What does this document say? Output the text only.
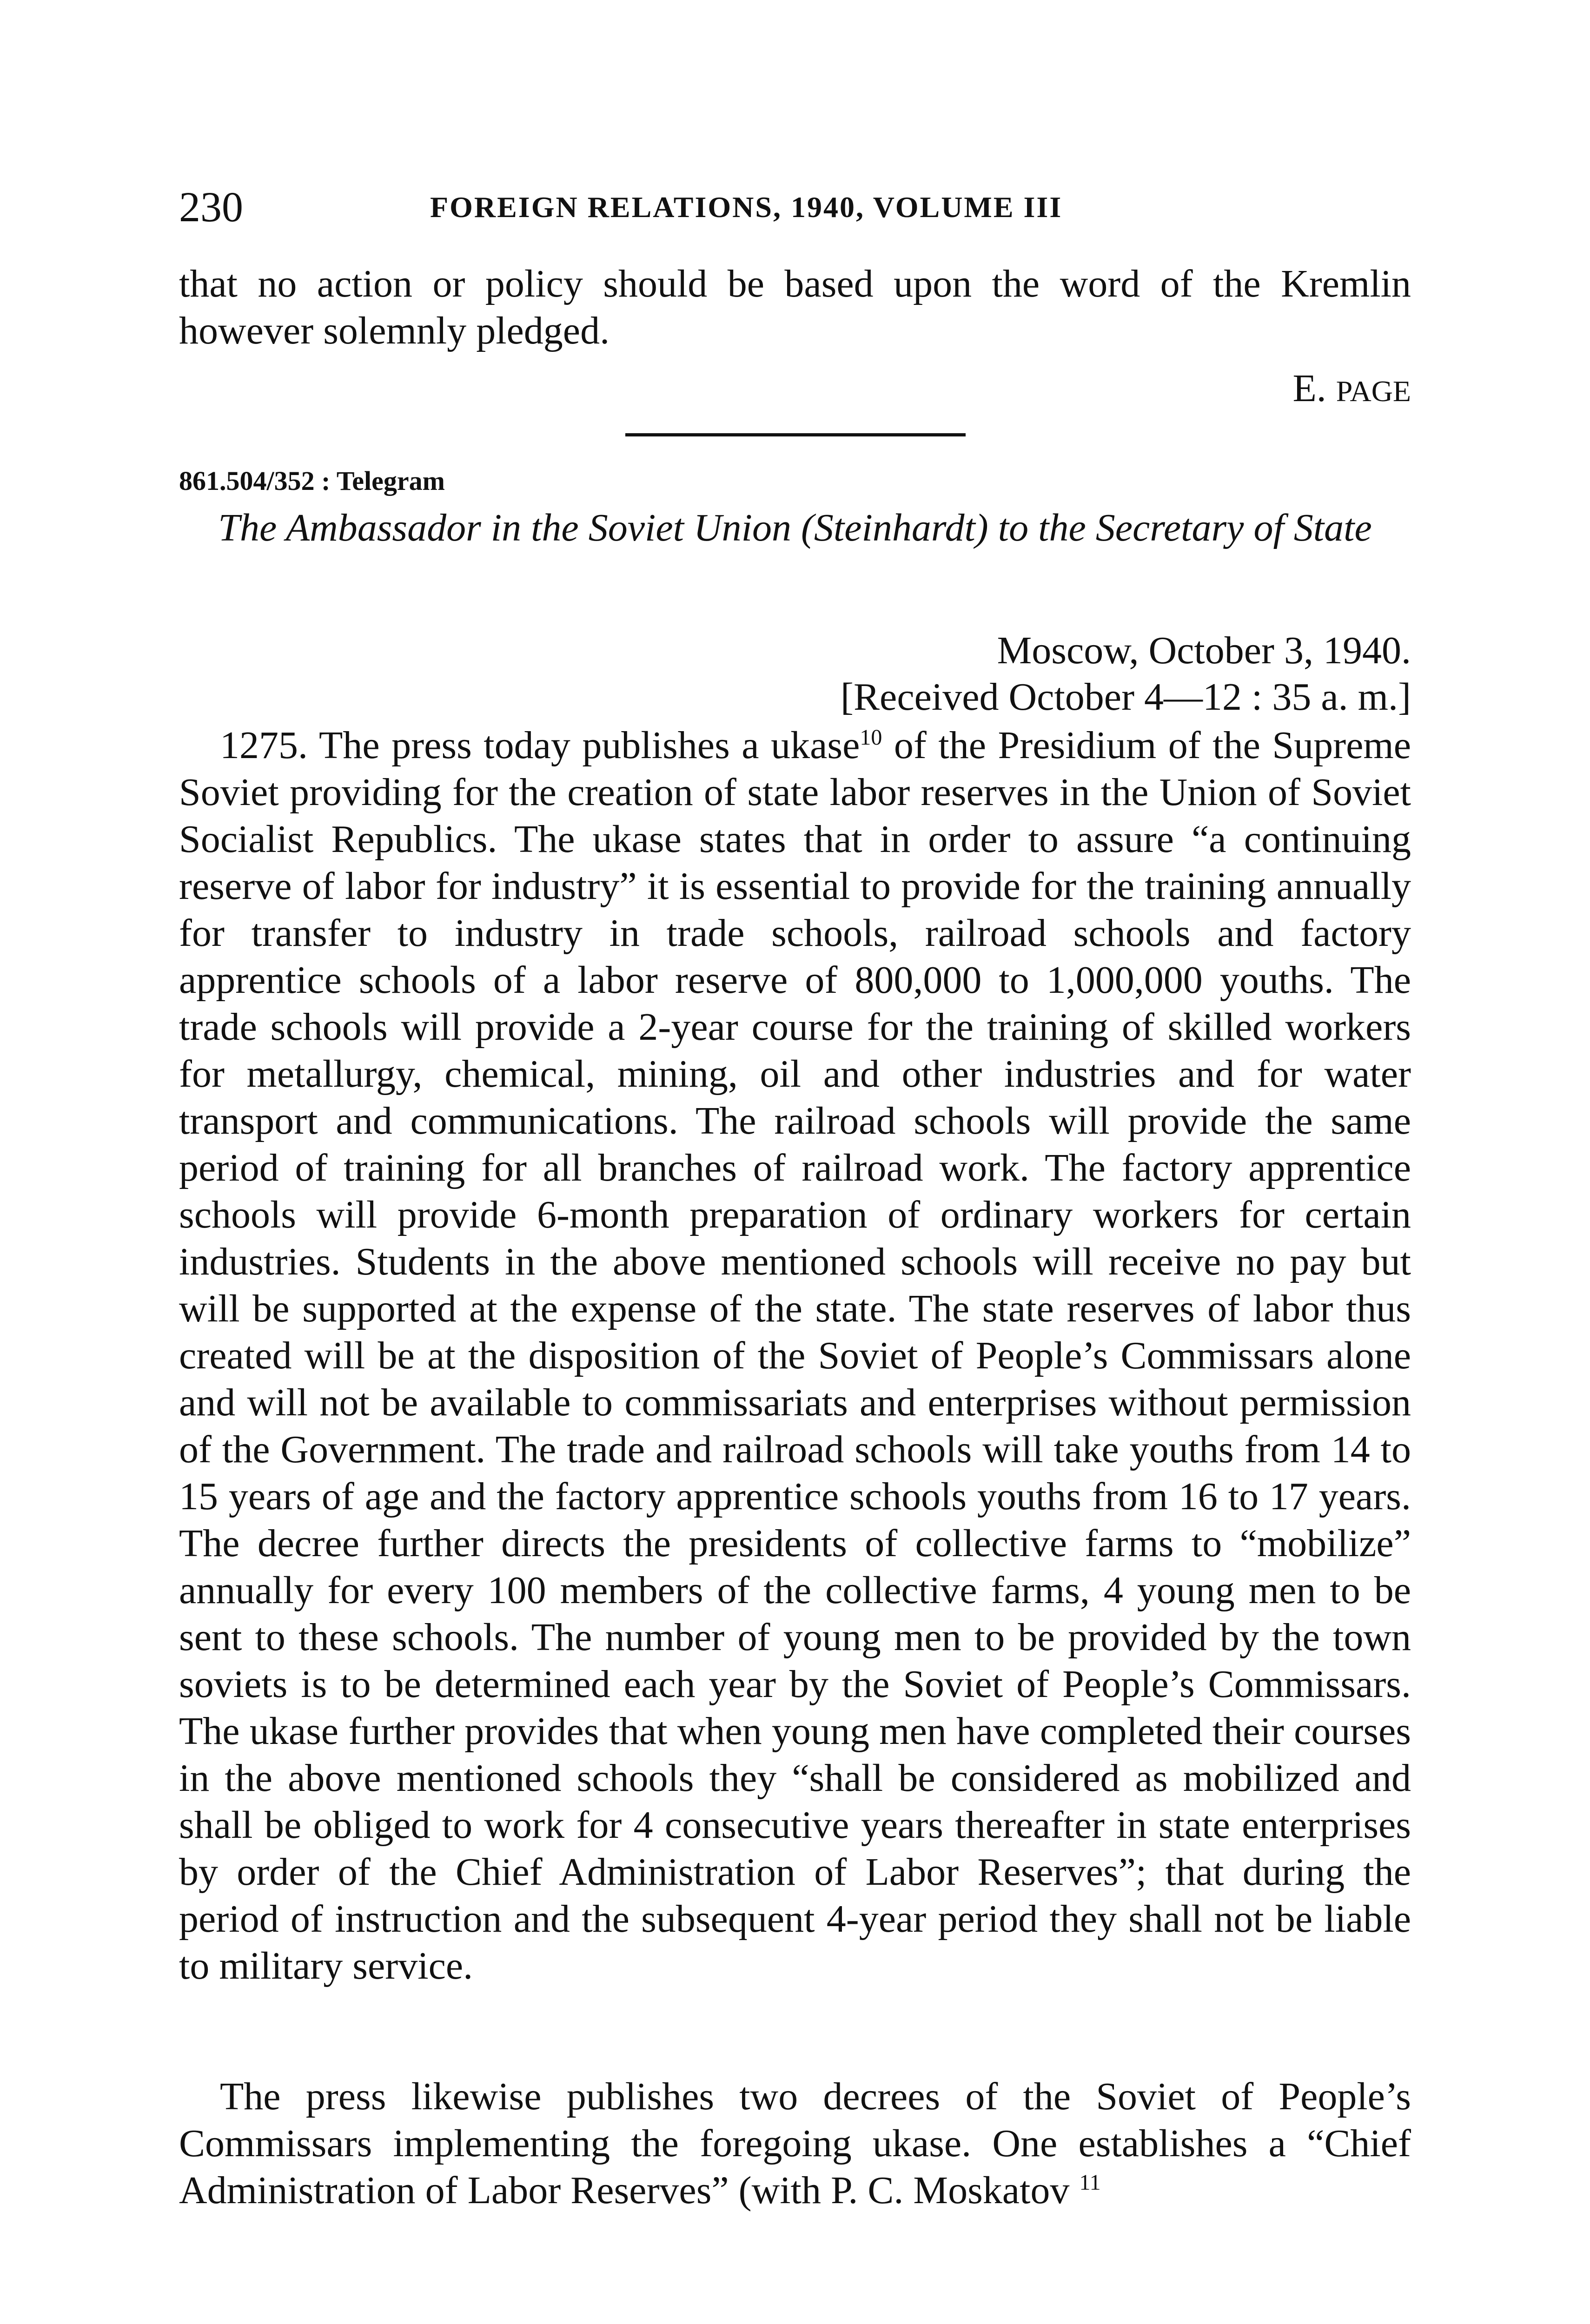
230	FOREIGN RELATIONS, 1940, VOLUME III
that no action or policy should be based upon the word of the Kremlin however solemnly pledged.
E. PAGE
861.504/352 : Telegram
The Ambassador in the Soviet Union (Steinhardt) to the Secretary of State
Moscow, October 3, 1940.
[Received October 4—12 : 35 a. m.]
1275. The press today publishes a ukase$^{10}$ of the Presidium of the Supreme Soviet providing for the creation of state labor reserves in the Union of Soviet Socialist Republics. The ukase states that in order to assure “a continuing reserve of labor for industry” it is essential to provide for the training annually for transfer to industry in trade schools, railroad schools and factory apprentice schools of a labor reserve of 800,000 to 1,000,000 youths. The trade schools will provide a 2-year course for the training of skilled workers for metallurgy, chemical, mining, oil and other industries and for water transport and communications. The railroad schools will provide the same period of training for all branches of railroad work. The factory apprentice schools will provide 6-month preparation of ordinary workers for certain industries. Students in the above mentioned schools will receive no pay but will be supported at the expense of the state. The state reserves of labor thus created will be at the disposition of the Soviet of People’s Commissars alone and will not be available to commissariats and enterprises without permission of the Government. The trade and railroad schools will take youths from 14 to 15 years of age and the factory apprentice schools youths from 16 to 17 years. The decree further directs the presidents of collective farms to “mobilize” annually for every 100 members of the collective farms, 4 young men to be sent to these schools. The number of young men to be provided by the town soviets is to be determined each year by the Soviet of People’s Commissars. The ukase further provides that when young men have completed their courses in the above mentioned schools they “shall be considered as mobilized and shall be obliged to work for 4 consecutive years thereafter in state enterprises by order of the Chief Administration of Labor Reserves”; that during the period of instruction and the subsequent 4-year period they shall not be liable to military service.
The press likewise publishes two decrees of the Soviet of People’s Commissars implementing the foregoing ukase. One establishes a “Chief Administration of Labor Reserves” (with P. C. Moskatov $^{11}$
